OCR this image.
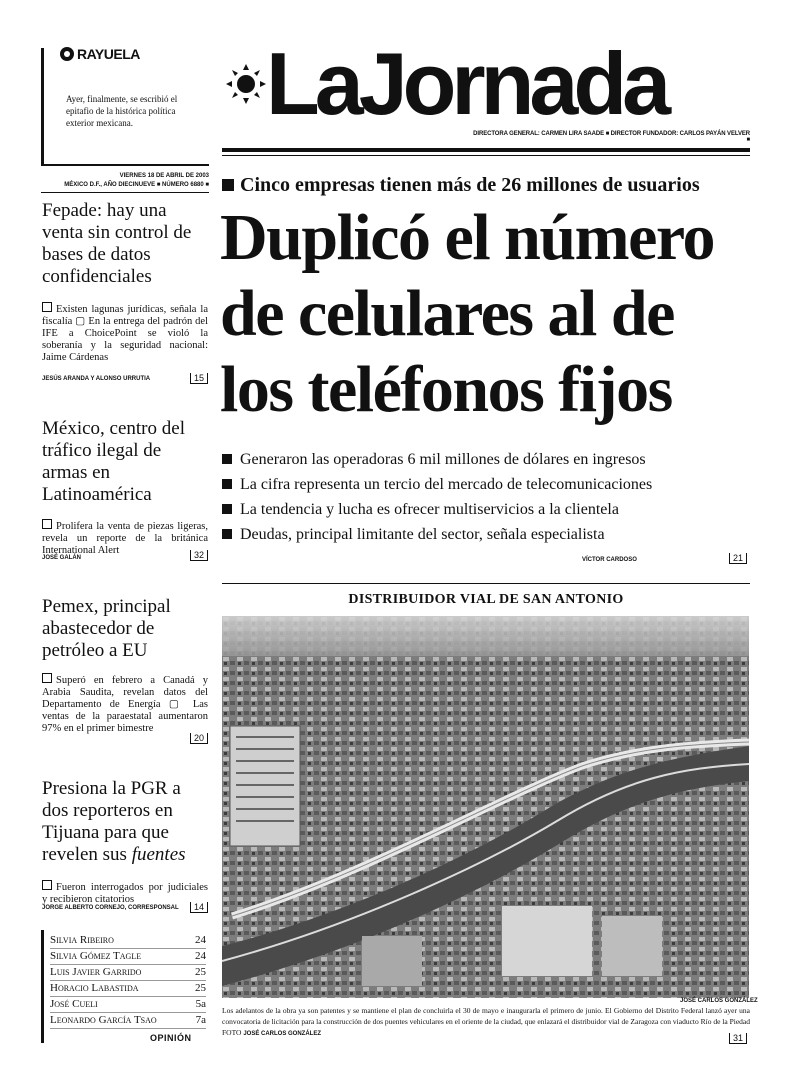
RAYUELA
Ayer, finalmente, se escribió el epitafio de la histórica política exterior mexicana.	LaJornada
DIRECTORA GENERAL: CARMEN LIRA SAADE ■ DIRECTOR FUNDADOR: CARLOS PAYÁN VELVER ■
VIERNES 18 DE ABRIL DE 2003
MÉXICO D.F., AÑO DIECINUEVE ■ NÚMERO 6880 ■
Fepade: hay una venta sin control de bases de datos confidenciales
Existen lagunas jurídicas, señala la fiscalía ▢ En la entrega del padrón del IFE a ChoicePoint se violó la soberanía y la seguridad nacional: Jaime Cárdenas
JESÚS ARANDA Y ALONSO URRUTIA	15
México, centro del tráfico ilegal de armas en Latinoamérica
Prolifera la venta de piezas ligeras, revela un reporte de la británica International Alert
JOSÉ GALÁN	32
Pemex, principal abastecedor de petróleo a EU
Superó en febrero a Canadá y Arabia Saudita, revelan datos del Departamento de Energía ▢ Las ventas de la paraestatal aumentaron 97% en el primer bimestre
20
Presiona la PGR a dos reporteros en Tijuana para que revelen sus fuentes
Fueron interrogados por judiciales y recibieron citatorios
JORGE ALBERTO CORNEJO, CORRESPONSAL	14
Cinco empresas tienen más de 26 millones de usuarios
Duplicó el número de celulares al de los teléfonos fijos
Generaron las operadoras 6 mil millones de dólares en ingresos
La cifra representa un tercio del mercado de telecomunicaciones
La tendencia y lucha es ofrecer multiservicios a la clientela
Deudas, principal limitante del sector, señala especialista
VÍCTOR CARDOSO	21
DISTRIBUIDOR VIAL DE SAN ANTONIO
JOSÉ CARLOS GONZÁLEZ
Los adelantos de la obra ya son patentes y se mantiene el plan de concluirla el 30 de mayo e inaugurarla el primero de junio. El Gobierno del Distrito Federal lanzó ayer una convocatoria de licitación para la construcción de dos puentes vehiculares en el oriente de la ciudad, que enlazará el distribuidor vial de Zaragoza con viaducto Río de la Piedad FOTO JOSÉ CARLOS GONZÁLEZ	31
Silvia Ribeiro	24
Silvia Gómez Tagle	24
Luis Javier Garrido	25
Horacio Labastida	25
José Cueli	5a
Leonardo García Tsao	7a
OPINIÓN
